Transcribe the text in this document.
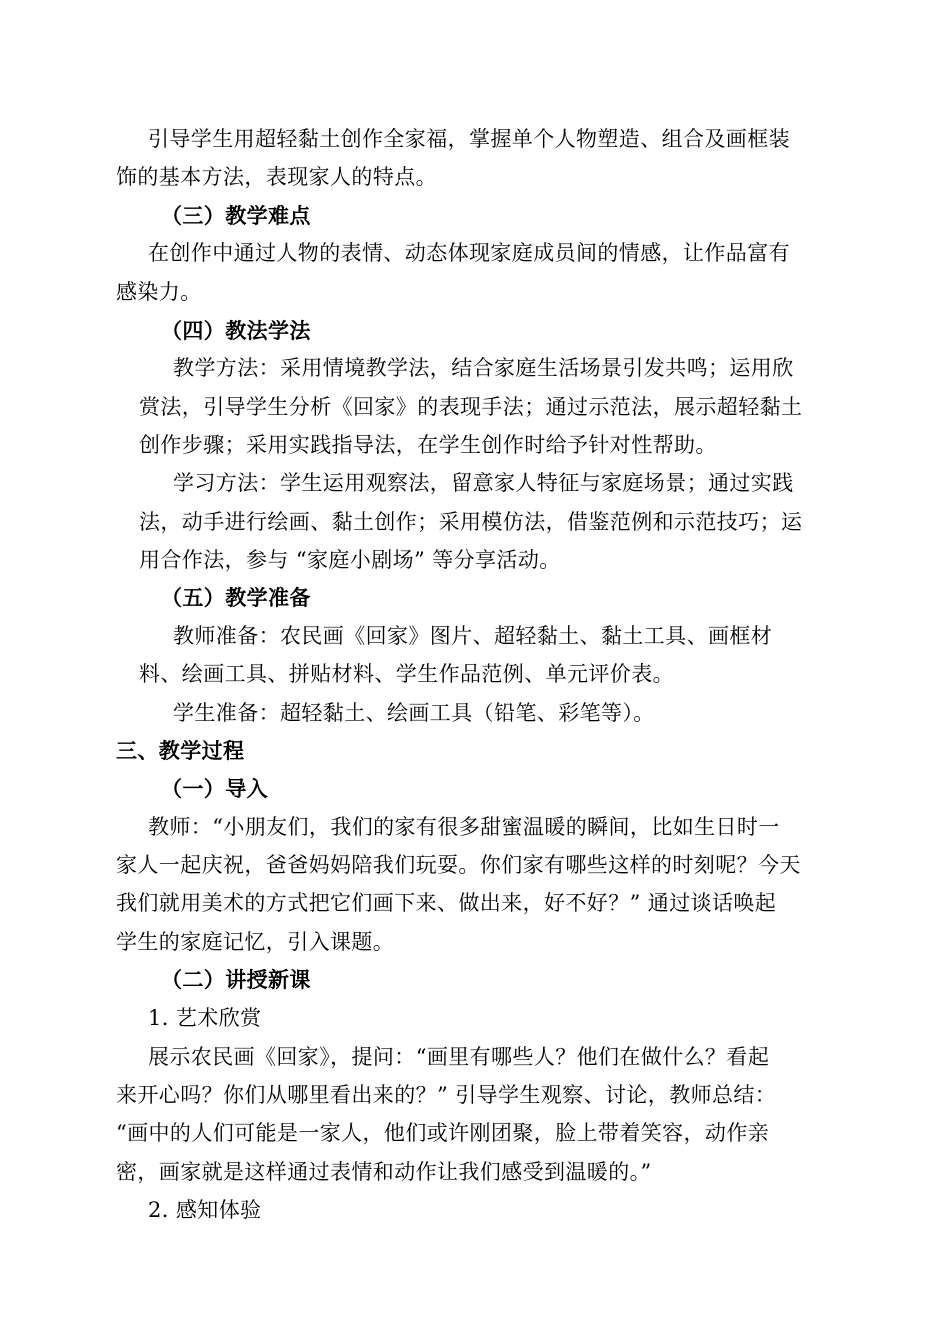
引导学生用超轻黏土创作全家福，掌握单个人物塑造、组合及画框装

饰的基本方法，表现家人的特点。

（三）教学难点

在创作中通过人物的表情、动态体现家庭成员间的情感，让作品富有

感染力。

（四）教法学法

教学方法：采用情境教学法，结合家庭生活场景引发共鸣；运用欣

赏法，引导学生分析《回家》的表现手法；通过示范法，展示超轻黏土

创作步骤；采用实践指导法，在学生创作时给予针对性帮助。

学习方法：学生运用观察法，留意家人特征与家庭场景；通过实践

法，动手进行绘画、黏土创作；采用模仿法，借鉴范例和示范技巧；运

用合作法，参与 “家庭小剧场” 等分享活动。

（五）教学准备

教师准备：农民画《回家》图片、超轻黏土、黏土工具、画框材

料、绘画工具、拼贴材料、学生作品范例、单元评价表。

学生准备：超轻黏土、绘画工具（铅笔、彩笔等）。

三、教学过程

（一）导入

教师：“小朋友们，我们的家有很多甜蜜温暖的瞬间，比如生日时一

家人一起庆祝，爸爸妈妈陪我们玩耍。你们家有哪些这样的时刻呢？今天

我们就用美术的方式把它们画下来、做出来，好不好？” 通过谈话唤起

学生的家庭记忆，引入课题。

（二）讲授新课

1. 艺术欣赏

展示农民画《回家》，提问：“画里有哪些人？他们在做什么？看起

来开心吗？你们从哪里看出来的？” 引导学生观察、讨论，教师总结：

“画中的人们可能是一家人，他们或许刚团聚，脸上带着笑容，动作亲

密，画家就是这样通过表情和动作让我们感受到温暖的。”

2. 感知体验
